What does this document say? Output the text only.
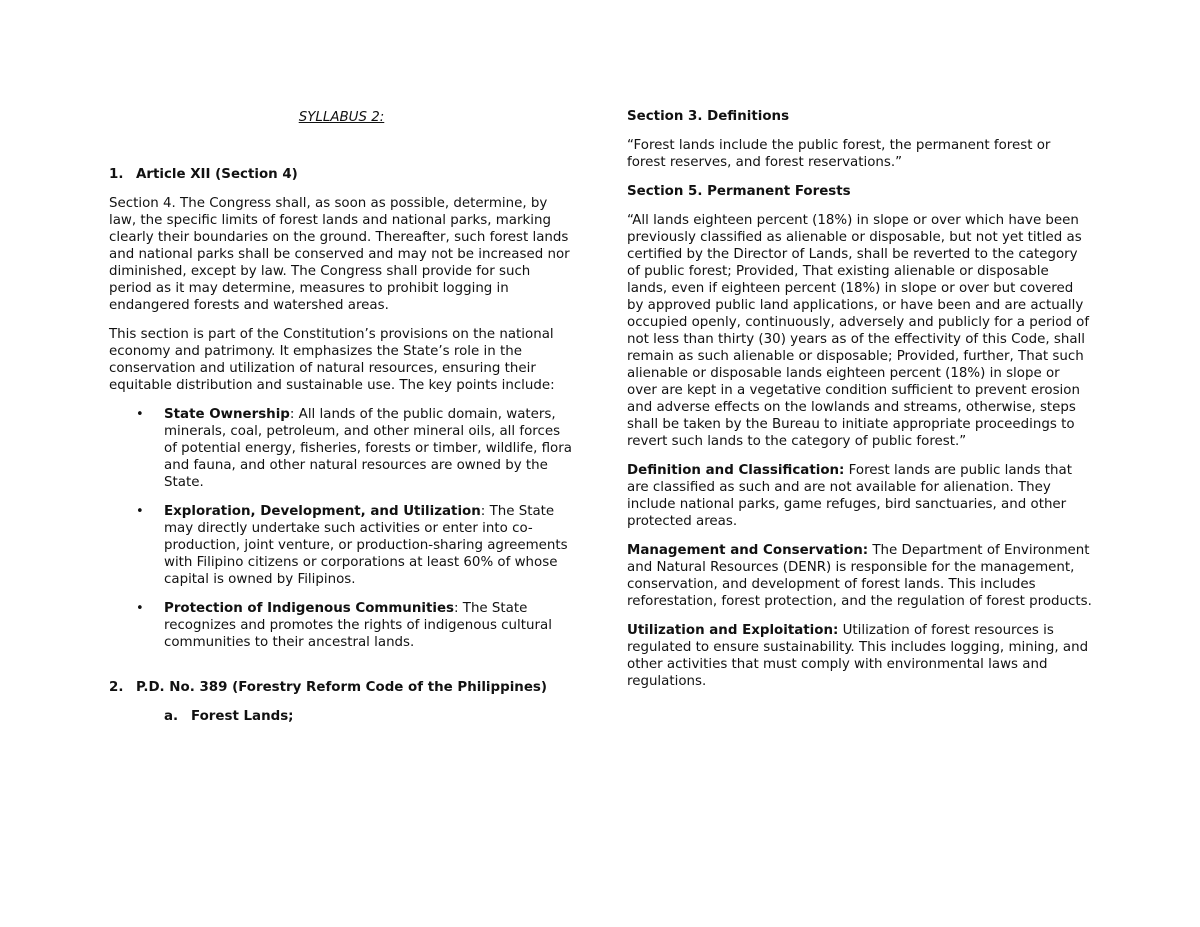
SYLLABUS 2:

1. Article XII (Section 4)

Section 4. The Congress shall, as soon as possible, determine, by law, the specific limits of forest lands and national parks, marking clearly their boundaries on the ground. Thereafter, such forest lands and national parks shall be conserved and may not be increased nor diminished, except by law. The Congress shall provide for such period as it may determine, measures to prohibit logging in endangered forests and watershed areas.

This section is part of the Constitution’s provisions on the national economy and patrimony. It emphasizes the State’s role in the conservation and utilization of natural resources, ensuring their equitable distribution and sustainable use. The key points include:

• State Ownership: All lands of the public domain, waters, minerals, coal, petroleum, and other mineral oils, all forces of potential energy, fisheries, forests or timber, wildlife, flora and fauna, and other natural resources are owned by the State.
• Exploration, Development, and Utilization: The State may directly undertake such activities or enter into co-production, joint venture, or production-sharing agreements with Filipino citizens or corporations at least 60% of whose capital is owned by Filipinos.
• Protection of Indigenous Communities: The State recognizes and promotes the rights of indigenous cultural communities to their ancestral lands.
2. P.D. No. 389 (Forestry Reform Code of the Philippines)
a. Forest Lands;

Section 3. Definitions

“Forest lands include the public forest, the permanent forest or forest reserves, and forest reservations.”

Section 5. Permanent Forests

“All lands eighteen percent (18%) in slope or over which have been previously classified as alienable or disposable, but not yet titled as certified by the Director of Lands, shall be reverted to the category of public forest; Provided, That existing alienable or disposable lands, even if eighteen percent (18%) in slope or over but covered by approved public land applications, or have been and are actually occupied openly, continuously, adversely and publicly for a period of not less than thirty (30) years as of the effectivity of this Code, shall remain as such alienable or disposable; Provided, further, That such alienable or disposable lands eighteen percent (18%) in slope or over are kept in a vegetative condition sufficient to prevent erosion and adverse effects on the lowlands and streams, otherwise, steps shall be taken by the Bureau to initiate appropriate proceedings to revert such lands to the category of public forest.”

Definition and Classification: Forest lands are public lands that are classified as such and are not available for alienation. They include national parks, game refuges, bird sanctuaries, and other protected areas.

Management and Conservation: The Department of Environment and Natural Resources (DENR) is responsible for the management, conservation, and development of forest lands. This includes reforestation, forest protection, and the regulation of forest products.

Utilization and Exploitation: Utilization of forest resources is regulated to ensure sustainability. This includes logging, mining, and other activities that must comply with environmental laws and regulations.
